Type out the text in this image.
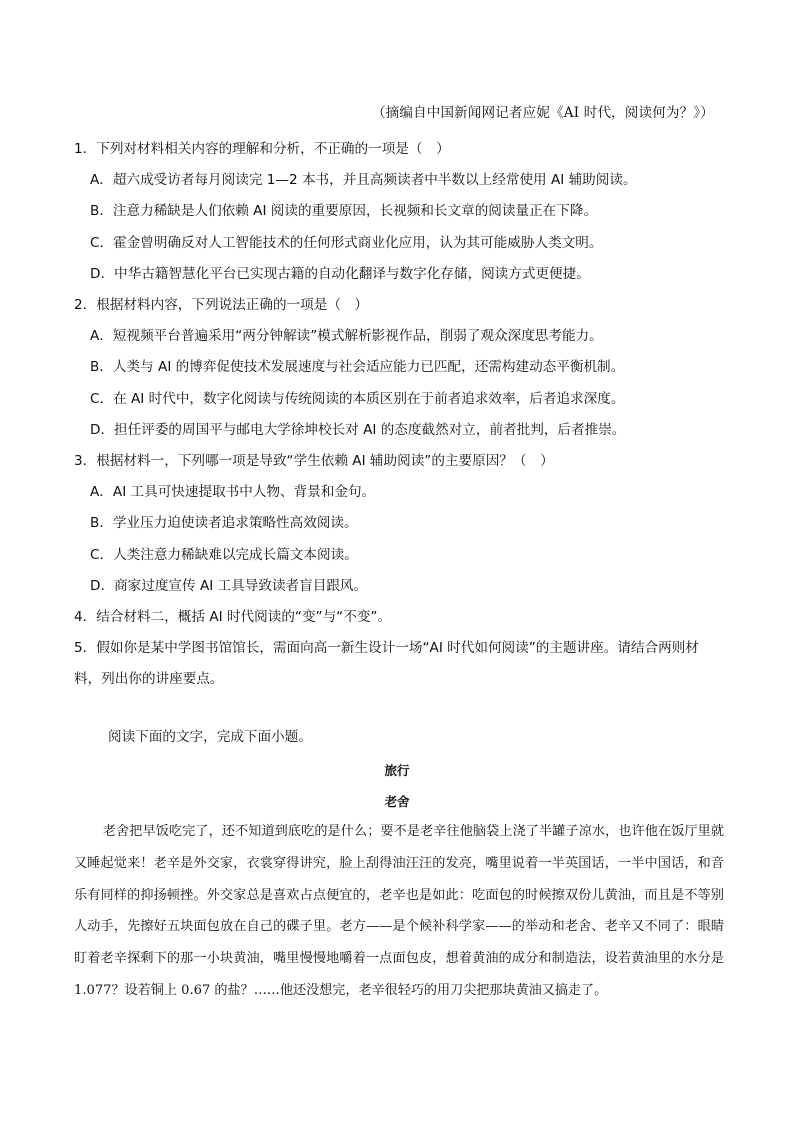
（摘编自中国新闻网记者应妮《AI 时代，阅读何为？》）

1．下列对材料相关内容的理解和分析，不正确的一项是（　）

A．超六成受访者每月阅读完 1—2 本书，并且高频读者中半数以上经常使用 AI 辅助阅读。

B．注意力稀缺是人们依赖 AI 阅读的重要原因，长视频和长文章的阅读量正在下降。

C．霍金曾明确反对人工智能技术的任何形式商业化应用，认为其可能威胁人类文明。

D．中华古籍智慧化平台已实现古籍的自动化翻译与数字化存储，阅读方式更便捷。

2．根据材料内容，下列说法正确的一项是（　）

A．短视频平台普遍采用“两分钟解读”模式解析影视作品，削弱了观众深度思考能力。

B．人类与 AI 的博弈促使技术发展速度与社会适应能力已匹配，还需构建动态平衡机制。

C．在 AI 时代中，数字化阅读与传统阅读的本质区别在于前者追求效率，后者追求深度。

D．担任评委的周国平与邮电大学徐坤校长对 AI 的态度截然对立，前者批判，后者推崇。

3．根据材料一，下列哪一项是导致“学生依赖 AI 辅助阅读”的主要原因？（　）

A．AI 工具可快速提取书中人物、背景和金句。

B．学业压力迫使读者追求策略性高效阅读。

C．人类注意力稀缺难以完成长篇文本阅读。

D．商家过度宣传 AI 工具导致读者盲目跟风。

4．结合材料二，概括 AI 时代阅读的“变”与“不变”。

5．假如你是某中学图书馆馆长，需面向高一新生设计一场“AI 时代如何阅读”的主题讲座。请结合两则材料，列出你的讲座要点。

阅读下面的文字，完成下面小题。
旅行
老舍

老舍把早饭吃完了，还不知道到底吃的是什么；要不是老辛往他脑袋上浇了半罐子凉水，也许他在饭厅里就又睡起觉来！老辛是外交家，衣裳穿得讲究，脸上刮得油汪汪的发亮，嘴里说着一半英国话，一半中国话，和音乐有同样的抑扬顿挫。外交家总是喜欢占点便宜的，老辛也是如此：吃面包的时候擦双份儿黄油，而且是不等别人动手，先擦好五块面包放在自己的碟子里。老方——是个候补科学家——的举动和老舍、老辛又不同了：眼睛盯着老辛探剩下的那一小块黄油，嘴里慢慢地嚼着一点面包皮，想着黄油的成分和制造法，设若黄油里的水分是 1.077？设若铜上 0.67 的盐？……他还没想完，老辛很轻巧的用刀尖把那块黄油又搞走了。
